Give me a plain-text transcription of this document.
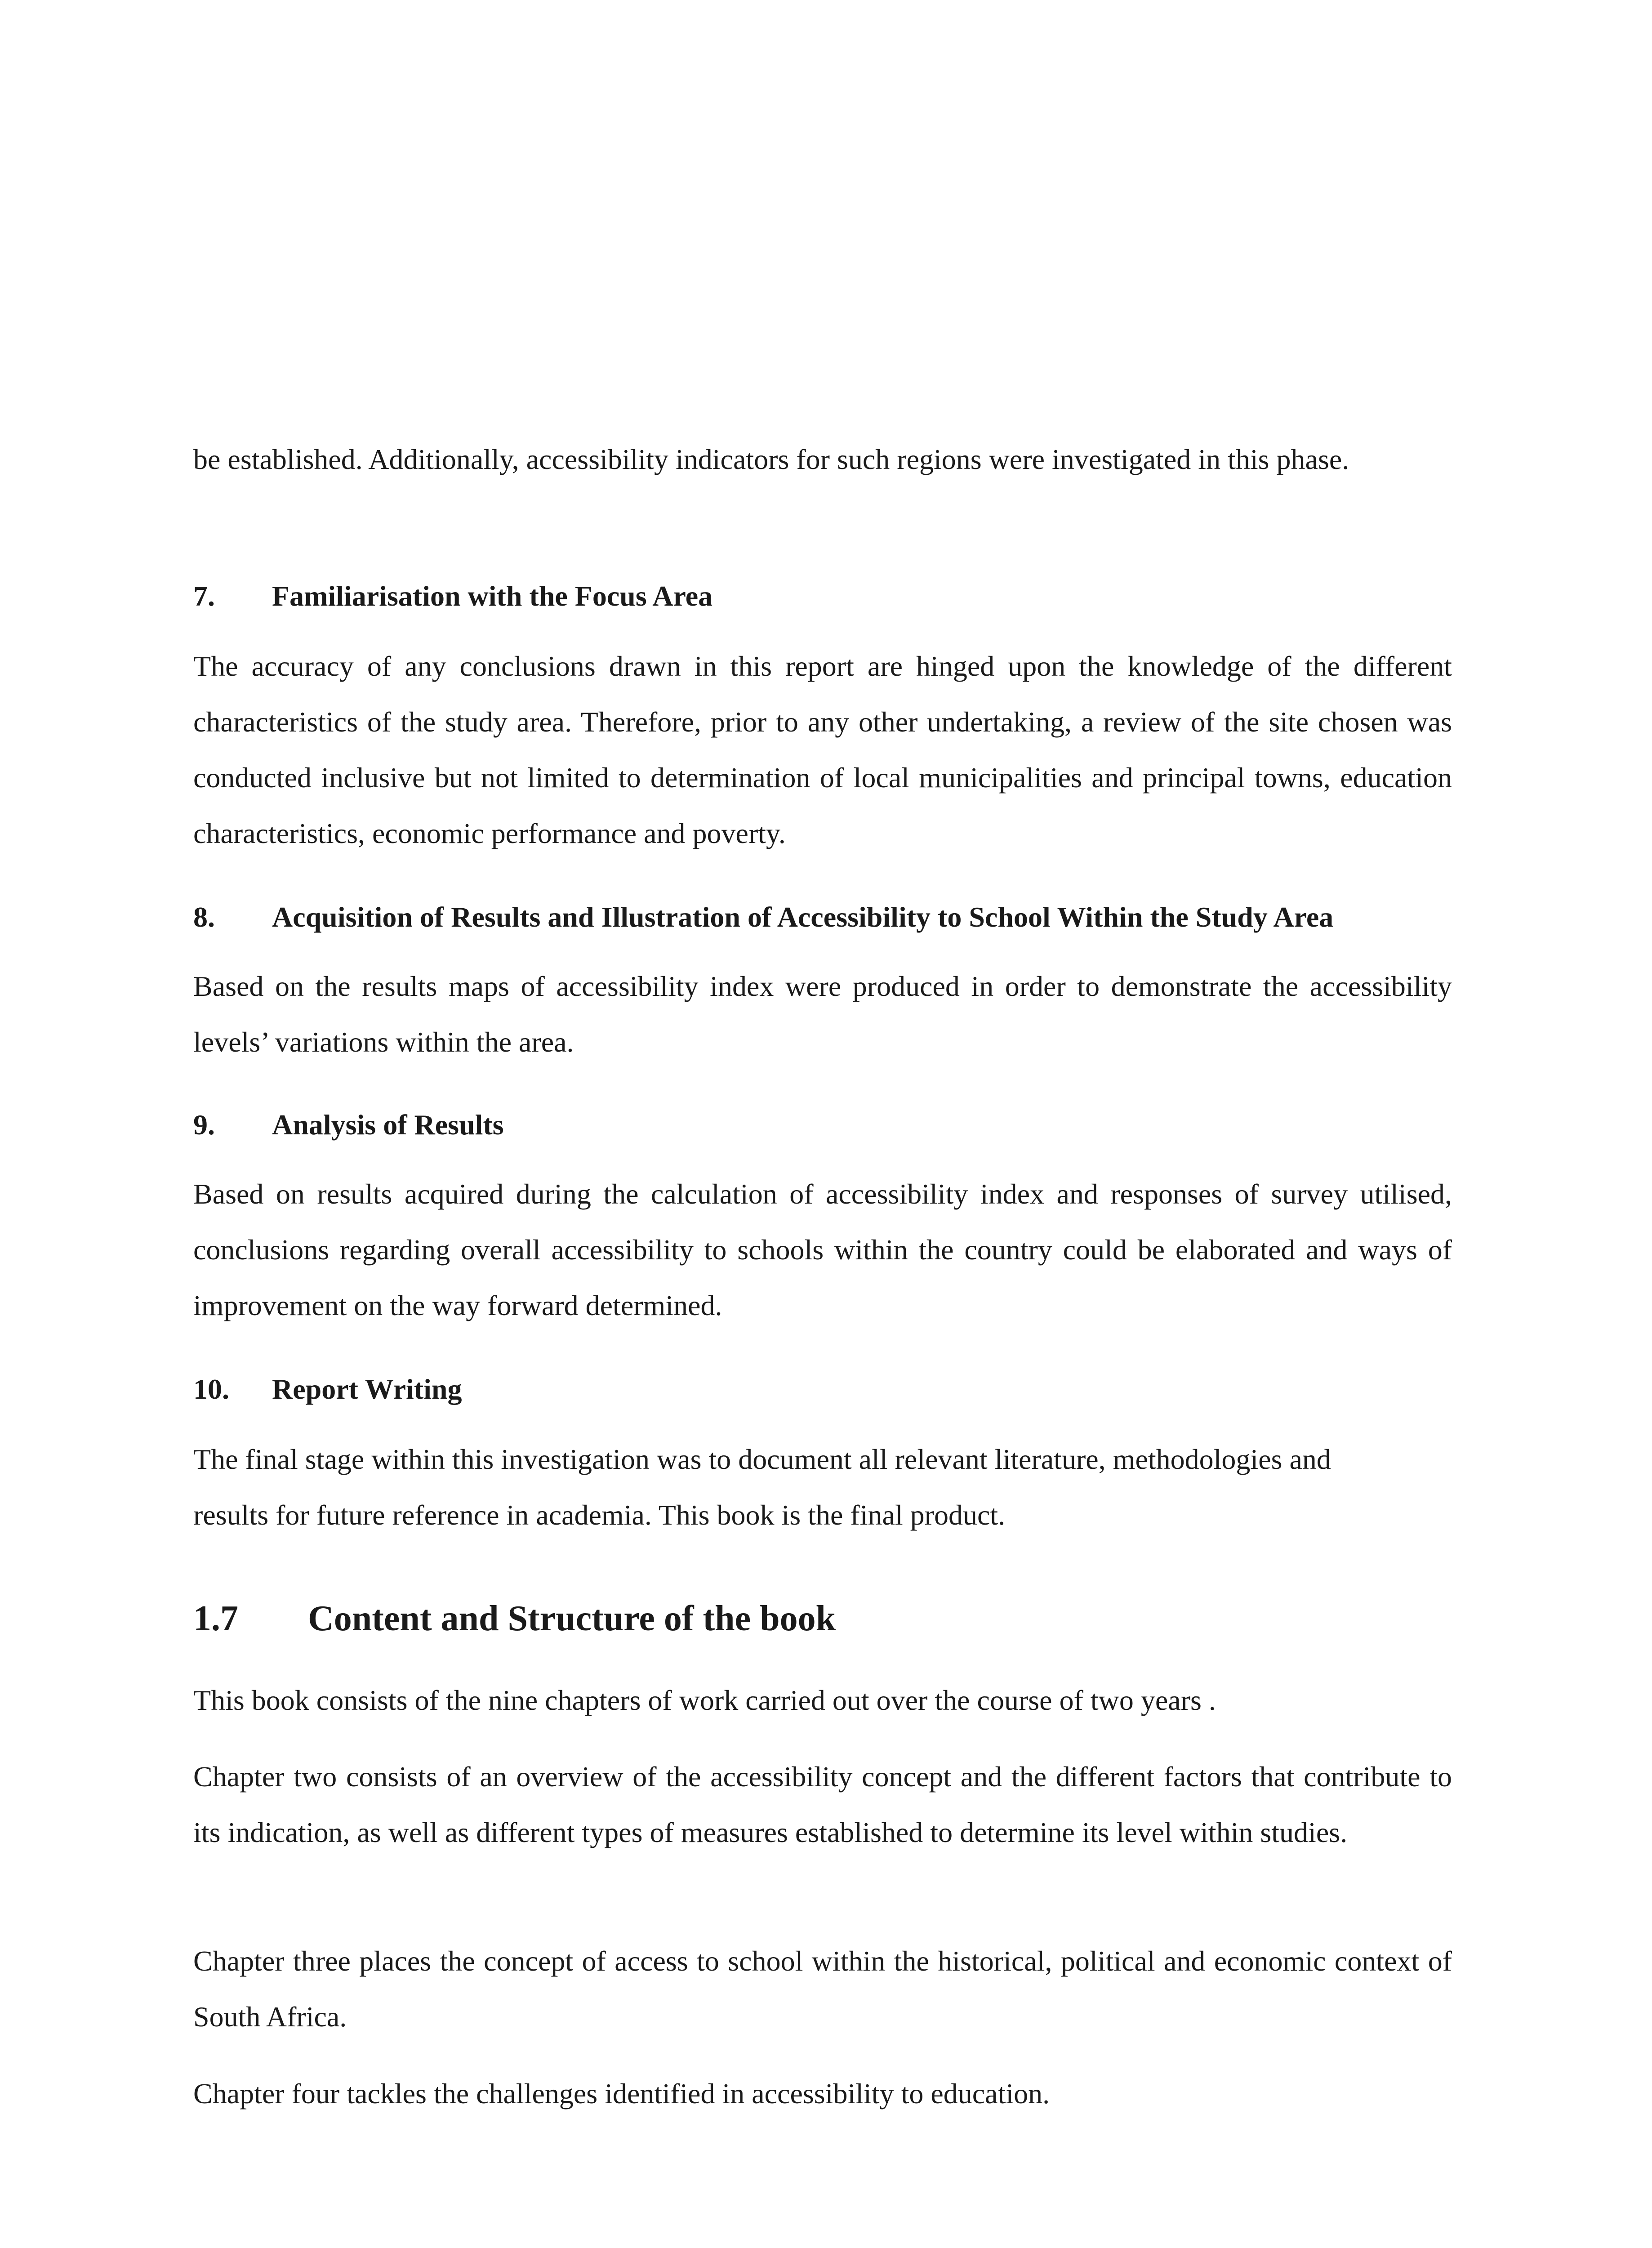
be established. Additionally, accessibility indicators for such regions were investigated in this phase.

7. Familiarisation with the Focus Area

The accuracy of any conclusions drawn in this report are hinged upon the knowledge of the different characteristics of the study area. Therefore, prior to any other undertaking, a review of the site chosen was conducted inclusive but not limited to determination of local municipalities and principal towns, education characteristics, economic performance and poverty.

8. Acquisition of Results and Illustration of Accessibility to School Within the Study Area

Based on the results maps of accessibility index were produced in order to demonstrate the accessibility levels’ variations within the area.

9. Analysis of Results

Based on results acquired during the calculation of accessibility index and responses of survey utilised, conclusions regarding overall accessibility to schools within the country could be elaborated and ways of improvement on the way forward determined.

10. Report Writing

The final stage within this investigation was to document all relevant literature, methodologies and results for future reference in academia. This book is the final product.

1.7 Content and Structure of the book

This book consists of the nine chapters of work carried out over the course of two years .

Chapter two consists of an overview of the accessibility concept and the different factors that contribute to its indication, as well as different types of measures established to determine its level within studies.

Chapter three places the concept of access to school within the historical, political and economic context of South Africa.

Chapter four tackles the challenges identified in accessibility to education.
